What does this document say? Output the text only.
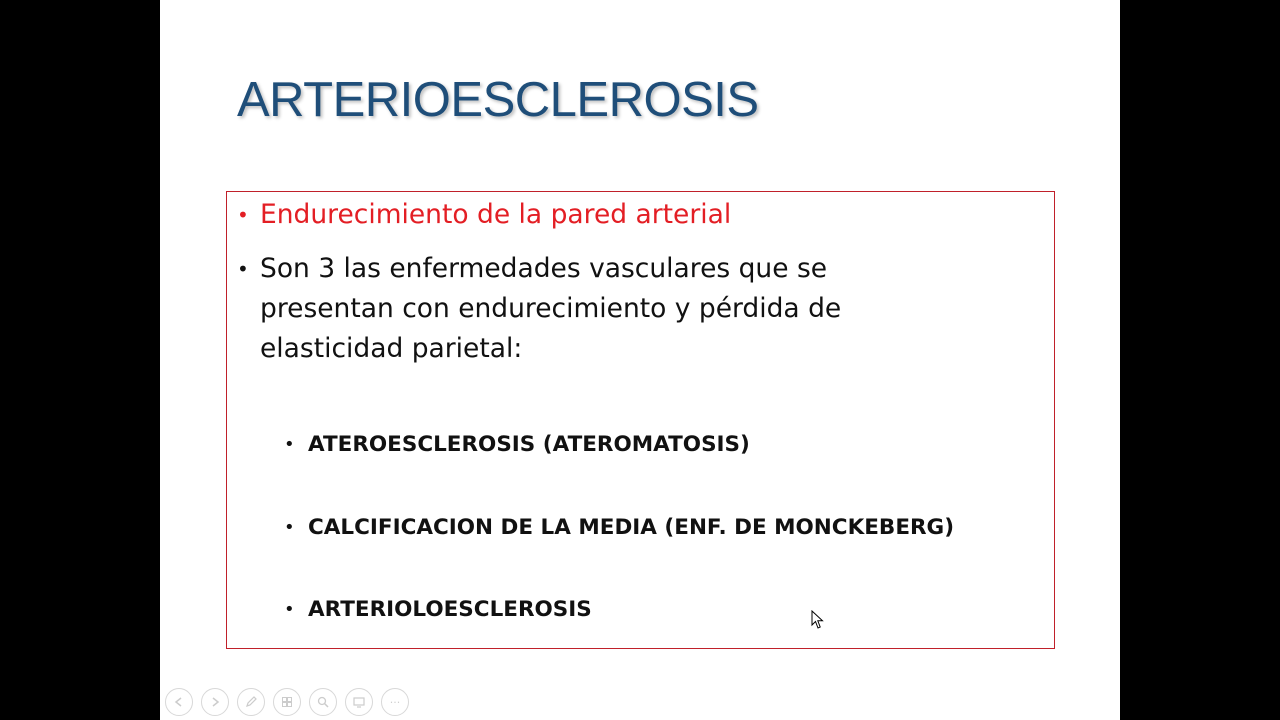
ARTERIOESCLEROSIS
• Endurecimiento de la pared arterial
• Son 3 las enfermedades vasculares que se presentan con endurecimiento y pérdida de elasticidad parietal:
• ATEROESCLEROSIS (ATEROMATOSIS)
• CALCIFICACION DE LA MEDIA (ENF. DE MONCKEBERG)
• ARTERIOLOESCLEROSIS
···
